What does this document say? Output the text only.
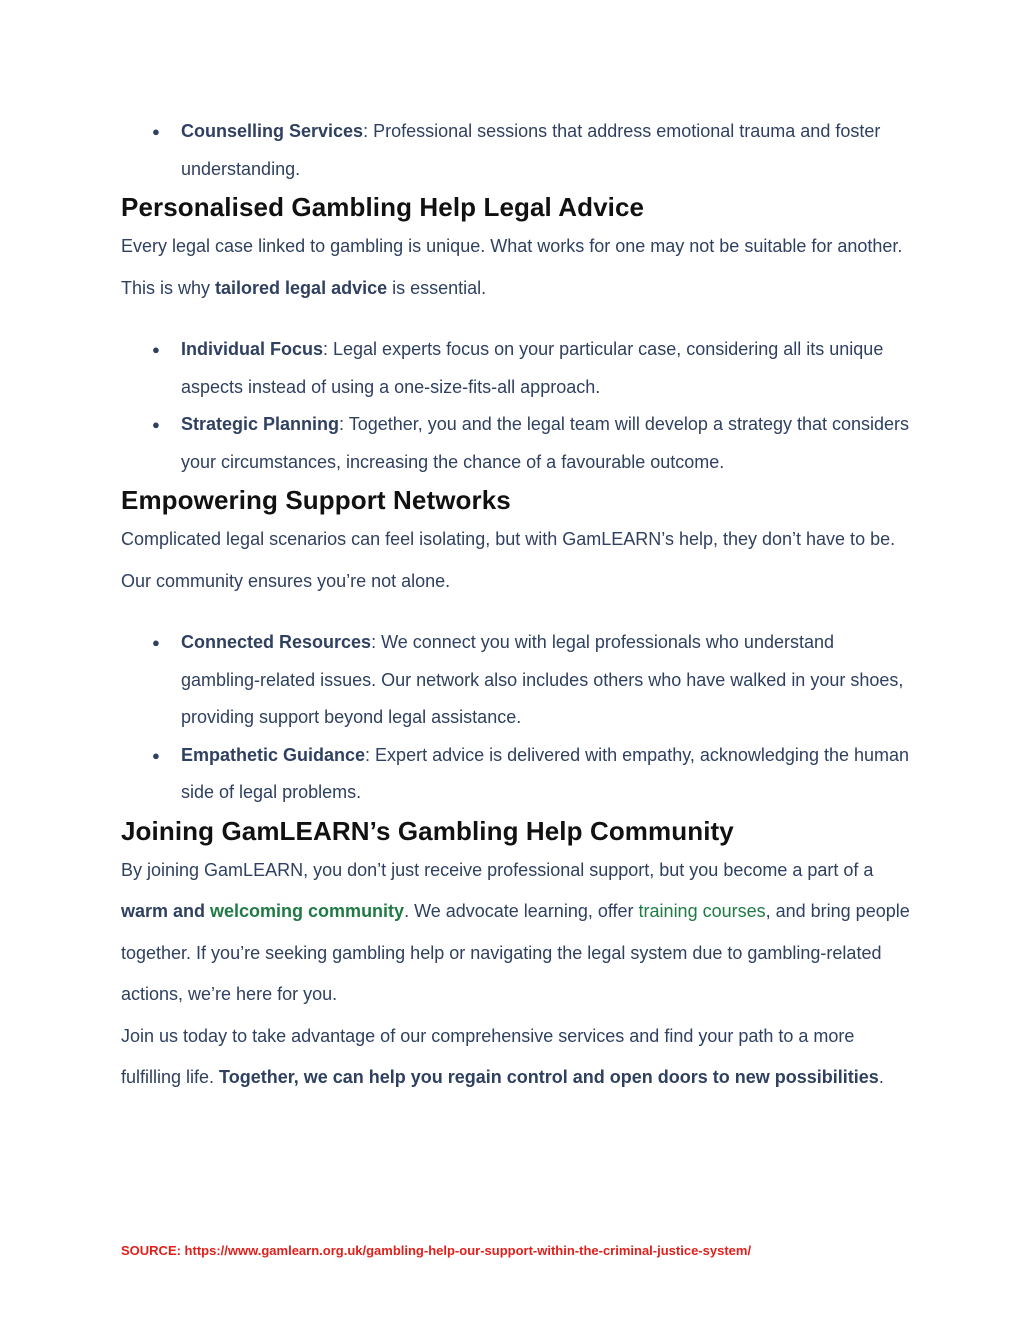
● Counselling Services: Professional sessions that address emotional trauma and foster understanding.
Personalised Gambling Help Legal Advice

Every legal case linked to gambling is unique. What works for one may not be suitable for another. This is why tailored legal advice is essential.

● Individual Focus: Legal experts focus on your particular case, considering all its unique aspects instead of using a one-size-fits-all approach.
● Strategic Planning: Together, you and the legal team will develop a strategy that considers your circumstances, increasing the chance of a favourable outcome.
Empowering Support Networks

Complicated legal scenarios can feel isolating, but with GamLEARN’s help, they don’t have to be. Our community ensures you’re not alone.

● Connected Resources: We connect you with legal professionals who understand gambling-related issues. Our network also includes others who have walked in your shoes, providing support beyond legal assistance.
● Empathetic Guidance: Expert advice is delivered with empathy, acknowledging the human side of legal problems.
Joining GamLEARN’s Gambling Help Community

By joining GamLEARN, you don’t just receive professional support, but you become a part of a warm and welcoming community. We advocate learning, offer training courses, and bring people together. If you’re seeking gambling help or navigating the legal system due to gambling-related actions, we’re here for you.

Join us today to take advantage of our comprehensive services and find your path to a more fulfilling life. Together, we can help you regain control and open doors to new possibilities.

SOURCE: https://www.gamlearn.org.uk/gambling-help-our-support-within-the-criminal-justice-system/
